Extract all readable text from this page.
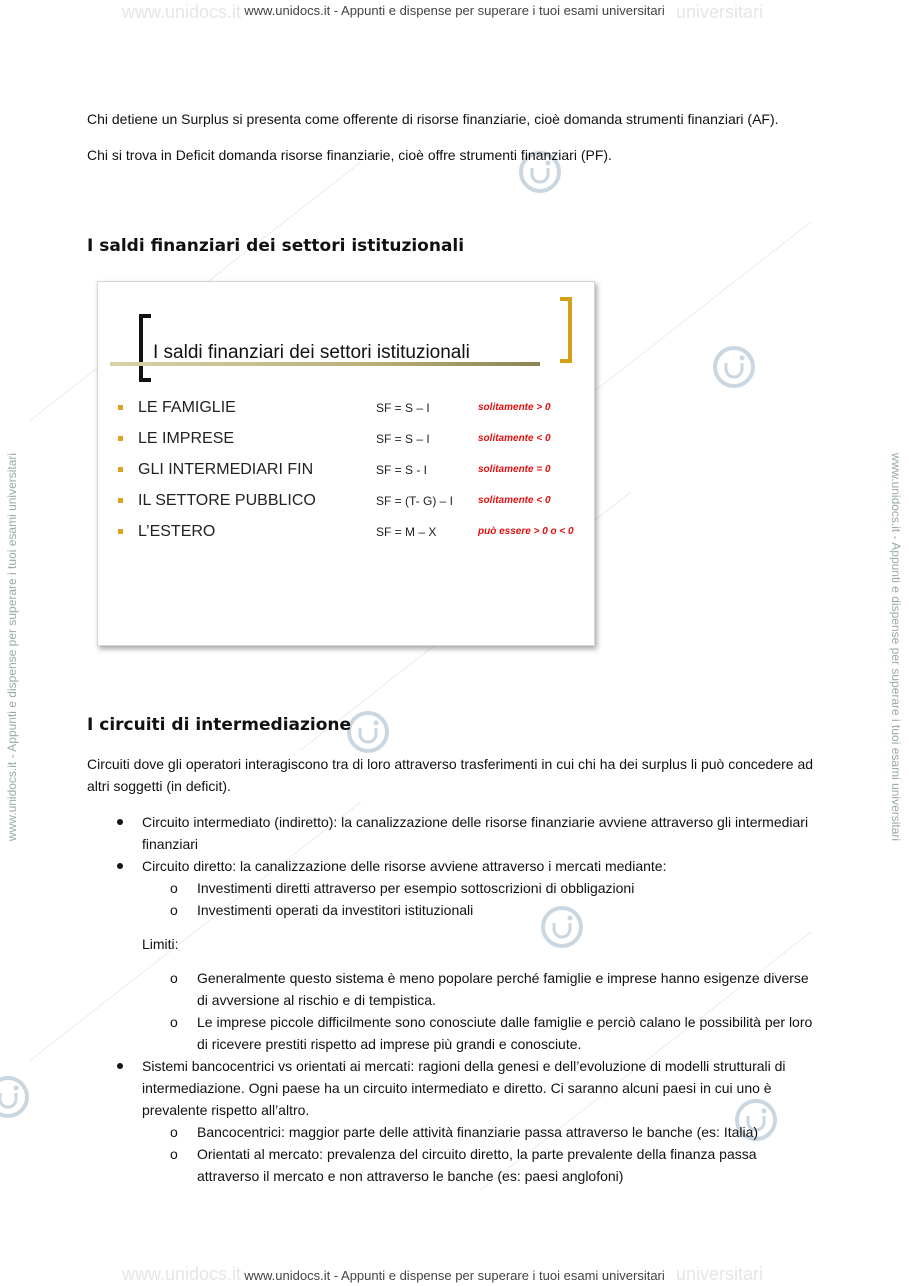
www.unidocs.it	universitari
www.unidocs.it	universitari
www.unidocs.it - Appunti e dispense per superare i tuoi esami universitari
www.unidocs.it - Appunti e dispense per superare i tuoi esami universitari
www.unidocs.it - Appunti e dispense per superare i tuoi esami universitari	www.unidocs.it - Appunti e dispense per superare i tuoi esami universitari

Chi detiene un Surplus si presenta come offerente di risorse finanziarie, cioè domanda strumenti finanziari (AF).

Chi si trova in Deficit domanda risorse finanziarie, cioè offre strumenti finanziari (PF).

I saldi finanziari dei settori istituzionali
I saldi finanziari dei settori istituzionali
LE FAMIGLIE	SF = S – I	solitamente > 0
LE IMPRESE	SF = S – I	solitamente < 0
GLI INTERMEDIARI FIN	SF = S - I	solitamente = 0
IL SETTORE PUBBLICO	SF = (T- G) – I solitamente < 0
L’ESTERO	SF = M – X	può essere > 0 o < 0
I circuiti di intermediazione

Circuiti dove gli operatori interagiscono tra di loro attraverso trasferimenti in cui chi ha dei surplus li può concedere ad altri soggetti (in deficit).

Circuito intermediato (indiretto): la canalizzazione delle risorse finanziarie avviene attraverso gli intermediari finanziari
Circuito diretto: la canalizzazione delle risorse avviene attraverso i mercati mediante:
o Investimenti diretti attraverso per esempio sottoscrizioni di obbligazioni
o Investimenti operati da investitori istituzionali

Limiti:

o Generalmente questo sistema è meno popolare perché famiglie e imprese hanno esigenze diverse di avversione al rischio e di tempistica.
o Le imprese piccole difficilmente sono conosciute dalle famiglie e perciò calano le possibilità per loro di ricevere prestiti rispetto ad imprese più grandi e conosciute.
Sistemi bancocentrici vs orientati ai mercati: ragioni della genesi e dell’evoluzione di modelli strutturali di intermediazione. Ogni paese ha un circuito intermediato e diretto. Ci saranno alcuni paesi in cui uno è prevalente rispetto all’altro.
o Bancocentrici: maggior parte delle attività finanziarie passa attraverso le banche (es: Italia)
o Orientati al mercato: prevalenza del circuito diretto, la parte prevalente della finanza passa attraverso il mercato e non attraverso le banche (es: paesi anglofoni)
